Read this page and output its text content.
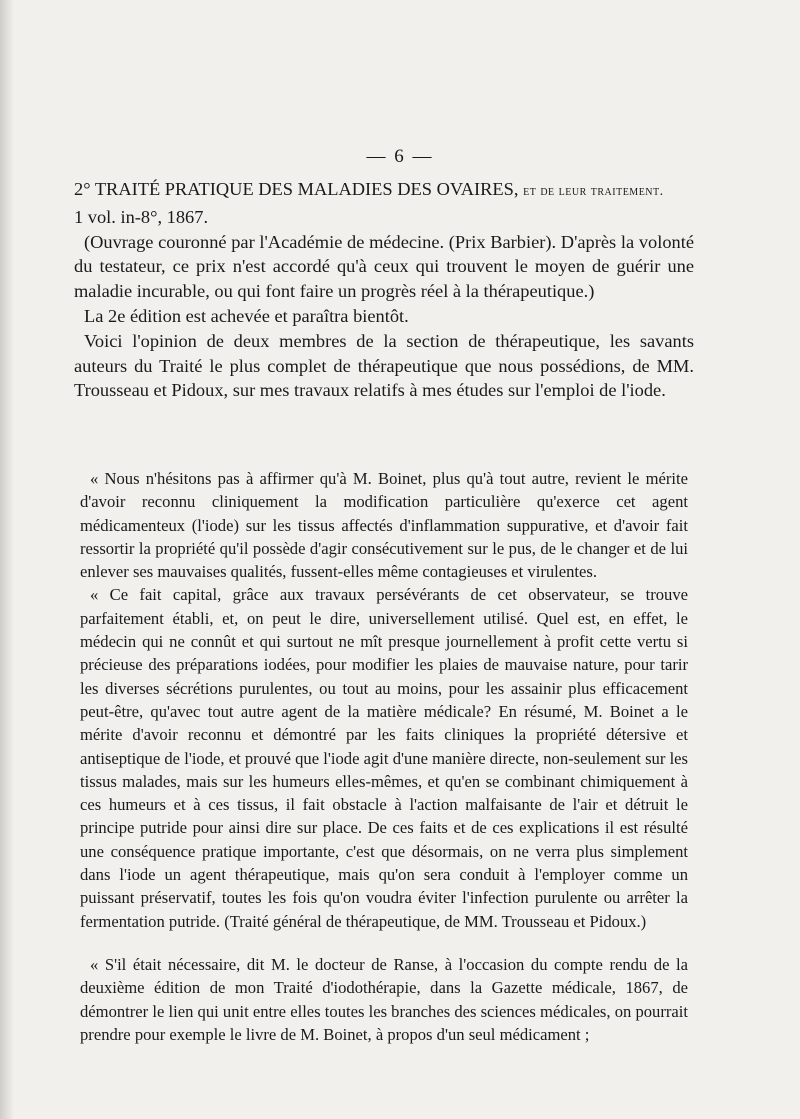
— 6 —

2° TRAITÉ PRATIQUE DES MALADIES DES OVAIRES, et de leur traitement.

1 vol. in-8°, 1867.

(Ouvrage couronné par l'Académie de médecine. (Prix Barbier). D'après la volonté du testateur, ce prix n'est accordé qu'à ceux qui trouvent le moyen de guérir une maladie incurable, ou qui font faire un progrès réel à la thérapeutique.)

La 2e édition est achevée et paraîtra bientôt.

Voici l'opinion de deux membres de la section de thérapeutique, les savants auteurs du Traité le plus complet de thérapeutique que nous possédions, de MM. Trousseau et Pidoux, sur mes travaux relatifs à mes études sur l'emploi de l'iode.

« Nous n'hésitons pas à affirmer qu'à M. Boinet, plus qu'à tout autre, revient le mérite d'avoir reconnu cliniquement la modification particulière qu'exerce cet agent médicamenteux (l'iode) sur les tissus affectés d'inflammation suppurative, et d'avoir fait ressortir la propriété qu'il possède d'agir consécutivement sur le pus, de le changer et de lui enlever ses mauvaises qualités, fussent-elles même contagieuses et virulentes.

« Ce fait capital, grâce aux travaux persévérants de cet observateur, se trouve parfaitement établi, et, on peut le dire, universellement utilisé. Quel est, en effet, le médecin qui ne connût et qui surtout ne mît presque journellement à profit cette vertu si précieuse des préparations iodées, pour modifier les plaies de mauvaise nature, pour tarir les diverses sécrétions purulentes, ou tout au moins, pour les assainir plus efficacement peut-être, qu'avec tout autre agent de la matière médicale? En résumé, M. Boinet a le mérite d'avoir reconnu et démontré par les faits cliniques la propriété détersive et antiseptique de l'iode, et prouvé que l'iode agit d'une manière directe, non-seulement sur les tissus malades, mais sur les humeurs elles-mêmes, et qu'en se combinant chimiquement à ces humeurs et à ces tissus, il fait obstacle à l'action malfaisante de l'air et détruit le principe putride pour ainsi dire sur place. De ces faits et de ces explications il est résulté une conséquence pratique importante, c'est que désormais, on ne verra plus simplement dans l'iode un agent thérapeutique, mais qu'on sera conduit à l'employer comme un puissant préservatif, toutes les fois qu'on voudra éviter l'infection purulente ou arrêter la fermentation putride. (Traité général de thérapeutique, de MM. Trousseau et Pidoux.)

« S'il était nécessaire, dit M. le docteur de Ranse, à l'occasion du compte rendu de la deuxième édition de mon Traité d'iodothérapie, dans la Gazette médicale, 1867, de démontrer le lien qui unit entre elles toutes les branches des sciences médicales, on pourrait prendre pour exemple le livre de M. Boinet, à propos d'un seul médicament ;
